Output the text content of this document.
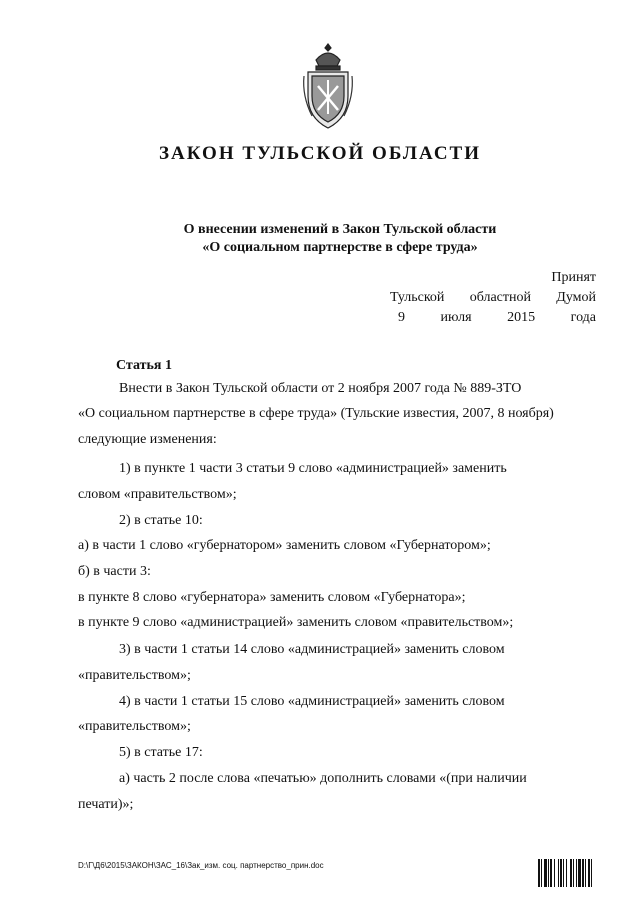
ЗАКОН ТУЛЬСКОЙ ОБЛАСТИ
О внесении изменений в Закон Тульской области
«О социальном партнерстве в сфере труда»
Принят
Тульской областной Думой
9	июля	2015	года
Статья 1
Внести в Закон Тульской области от 2 ноября 2007 года № 889-ЗТО
«О социальном партнерстве в сфере труда» (Тульские известия, 2007, 8 ноября)
следующие изменения:
1) в пункте 1 части 3 статьи 9 слово «администрацией» заменить
словом «правительством»;
2) в статье 10:
а) в части 1 слово «губернатором» заменить словом «Губернатором»;
б) в части 3:
в пункте 8 слово «губернатора» заменить словом «Губернатора»;
в пункте 9 слово «администрацией» заменить словом «правительством»;
3) в части 1 статьи 14 слово «администрацией» заменить словом
«правительством»;
4) в части 1 статьи 15 слово «администрацией» заменить словом
«правительством»;
5) в статье 17:
а) часть 2 после слова «печатью» дополнить словами «(при наличии
печати)»;
D:\Г\Д6\2015\ЗАКОН\ЗАС_16\Зак_изм. соц. партнерство_прин.doc
